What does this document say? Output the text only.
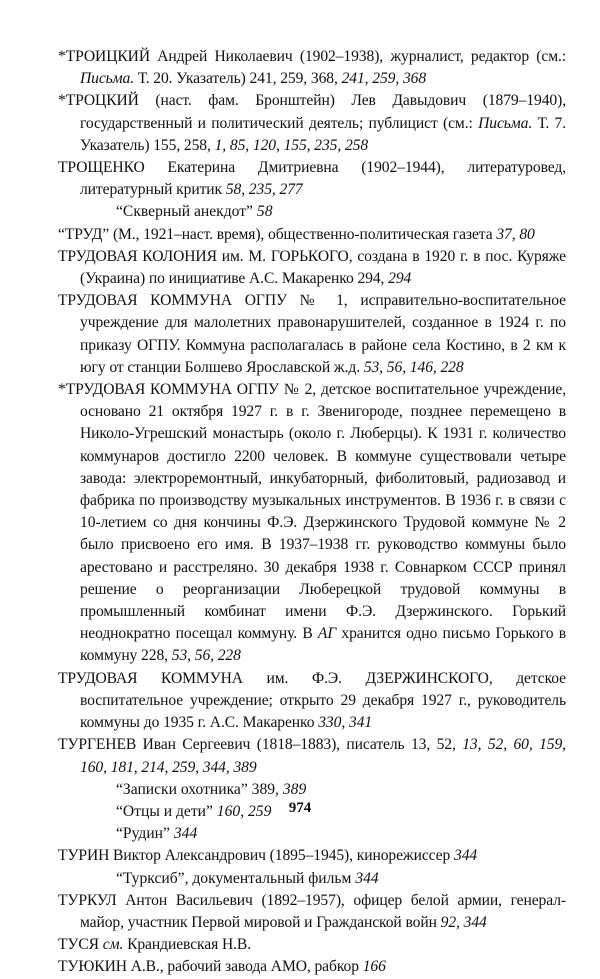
*ТРОИЦКИЙ Андрей Николаевич (1902–1938), журналист, редактор (см.: Письма. Т. 20. Указатель) 241, 259, 368, 241, 259, 368

*ТРОЦКИЙ (наст. фам. Бронштейн) Лев Давыдович (1879–1940), государственный и политический деятель; публицист (см.: Письма. Т. 7. Указатель) 155, 258, 1, 85, 120, 155, 235, 258

ТРОЩЕНКО Екатерина Дмитриевна (1902–1944), литературовед, литературный критик 58, 235, 277

“Скверный анекдот” 58

“ТРУД” (М., 1921–наст. время), общественно-политическая газета 37, 80

ТРУДОВАЯ КОЛОНИЯ им. М. ГОРЬКОГО, создана в 1920 г. в пос. Куряже (Украина) по инициативе А.С. Макаренко 294, 294

ТРУДОВАЯ КОММУНА ОГПУ № 1, исправительно-воспитательное учреждение для малолетних правонарушителей, созданное в 1924 г. по приказу ОГПУ. Коммуна располагалась в районе села Костино, в 2 км к югу от станции Болшево Ярославской ж.д. 53, 56, 146, 228

*ТРУДОВАЯ КОММУНА ОГПУ № 2, детское воспитательное учреждение, основано 21 октября 1927 г. в г. Звенигороде, позднее перемещено в Николо-Угрешский монастырь (около г. Люберцы). К 1931 г. количество коммунаров достигло 2200 человек. В коммуне существовали четыре завода: электроремонтный, инкубаторный, фиболитовый, радиозавод и фабрика по производству музыкальных инструментов. В 1936 г. в связи с 10-летием со дня кончины Ф.Э. Дзержинского Трудовой коммуне № 2 было присвоено его имя. В 1937–1938 гг. руководство коммуны было арестовано и расстреляно. 30 декабря 1938 г. Совнарком СССР принял решение о реорганизации Люберецкой трудовой коммуны в промышленный комбинат имени Ф.Э. Дзержинского. Горький неоднократно посещал коммуну. В АГ хранится одно письмо Горького в коммуну 228, 53, 56, 228

ТРУДОВАЯ КОММУНА им. Ф.Э. ДЗЕРЖИНСКОГО, детское воспитательное учреждение; открыто 29 декабря 1927 г., руководитель коммуны до 1935 г. А.С. Макаренко 330, 341

ТУРГЕНЕВ Иван Сергеевич (1818–1883), писатель 13, 52, 13, 52, 60, 159, 160, 181, 214, 259, 344, 389

“Записки охотника” 389, 389

“Отцы и дети” 160, 259

“Рудин” 344

ТУРИН Виктор Александрович (1895–1945), кинорежиссер 344

“Турксиб”, документальный фильм 344

ТУРКУЛ Антон Васильевич (1892–1957), офицер белой армии, генерал-майор, участник Первой мировой и Гражданской войн 92, 344

ТУСЯ см. Крандиевская Н.В.

ТУЮКИН А.В., рабочий завода АМО, рабкор 166

974
